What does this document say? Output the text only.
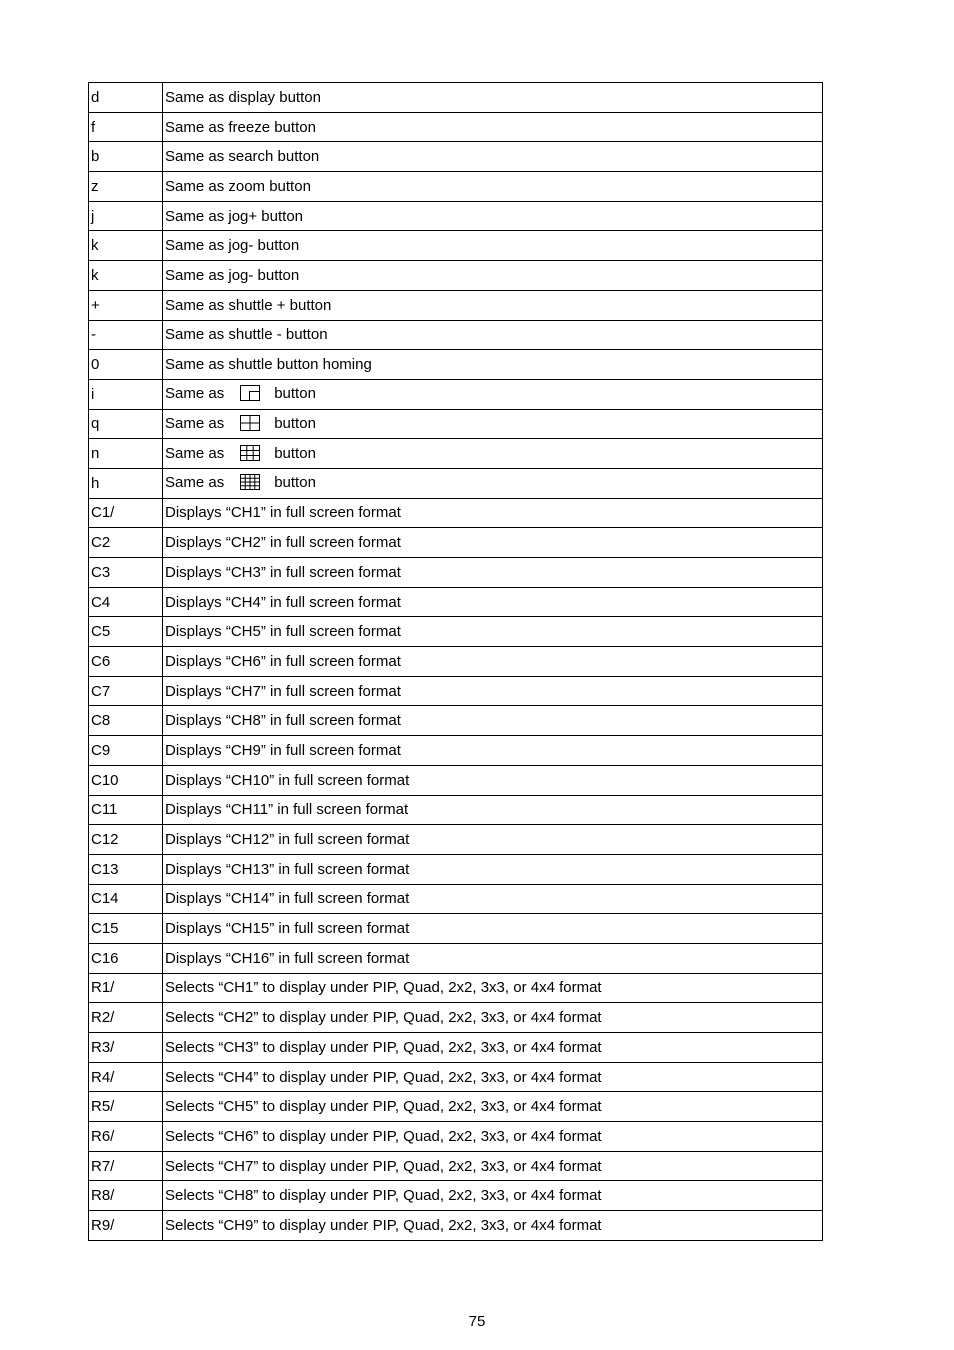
d	Same as display button
f	Same as freeze button
b	Same as search button
z	Same as zoom button
j	Same as jog+ button
k	Same as jog- button
k	Same as jog- button
+	Same as shuttle + button
-	Same as shuttle - button
0	Same as shuttle button homing
i	Same as button
q	Same as button
n	Same as button
h	Same as button
C1/	Displays “CH1” in full screen format
C2	Displays “CH2” in full screen format
C3	Displays “CH3” in full screen format
C4	Displays “CH4” in full screen format
C5	Displays “CH5” in full screen format
C6	Displays “CH6” in full screen format
C7	Displays “CH7” in full screen format
C8	Displays “CH8” in full screen format
C9	Displays “CH9” in full screen format
C10	Displays “CH10” in full screen format
C11	Displays “CH11” in full screen format
C12	Displays “CH12” in full screen format
C13	Displays “CH13” in full screen format
C14	Displays “CH14” in full screen format
C15	Displays “CH15” in full screen format
C16	Displays “CH16” in full screen format
R1/	Selects “CH1” to display under PIP, Quad, 2x2, 3x3, or 4x4 format
R2/	Selects “CH2” to display under PIP, Quad, 2x2, 3x3, or 4x4 format
R3/	Selects “CH3” to display under PIP, Quad, 2x2, 3x3, or 4x4 format
R4/	Selects “CH4” to display under PIP, Quad, 2x2, 3x3, or 4x4 format
R5/	Selects “CH5” to display under PIP, Quad, 2x2, 3x3, or 4x4 format
R6/	Selects “CH6” to display under PIP, Quad, 2x2, 3x3, or 4x4 format
R7/	Selects “CH7” to display under PIP, Quad, 2x2, 3x3, or 4x4 format
R8/	Selects “CH8” to display under PIP, Quad, 2x2, 3x3, or 4x4 format
R9/	Selects “CH9” to display under PIP, Quad, 2x2, 3x3, or 4x4 format
75
